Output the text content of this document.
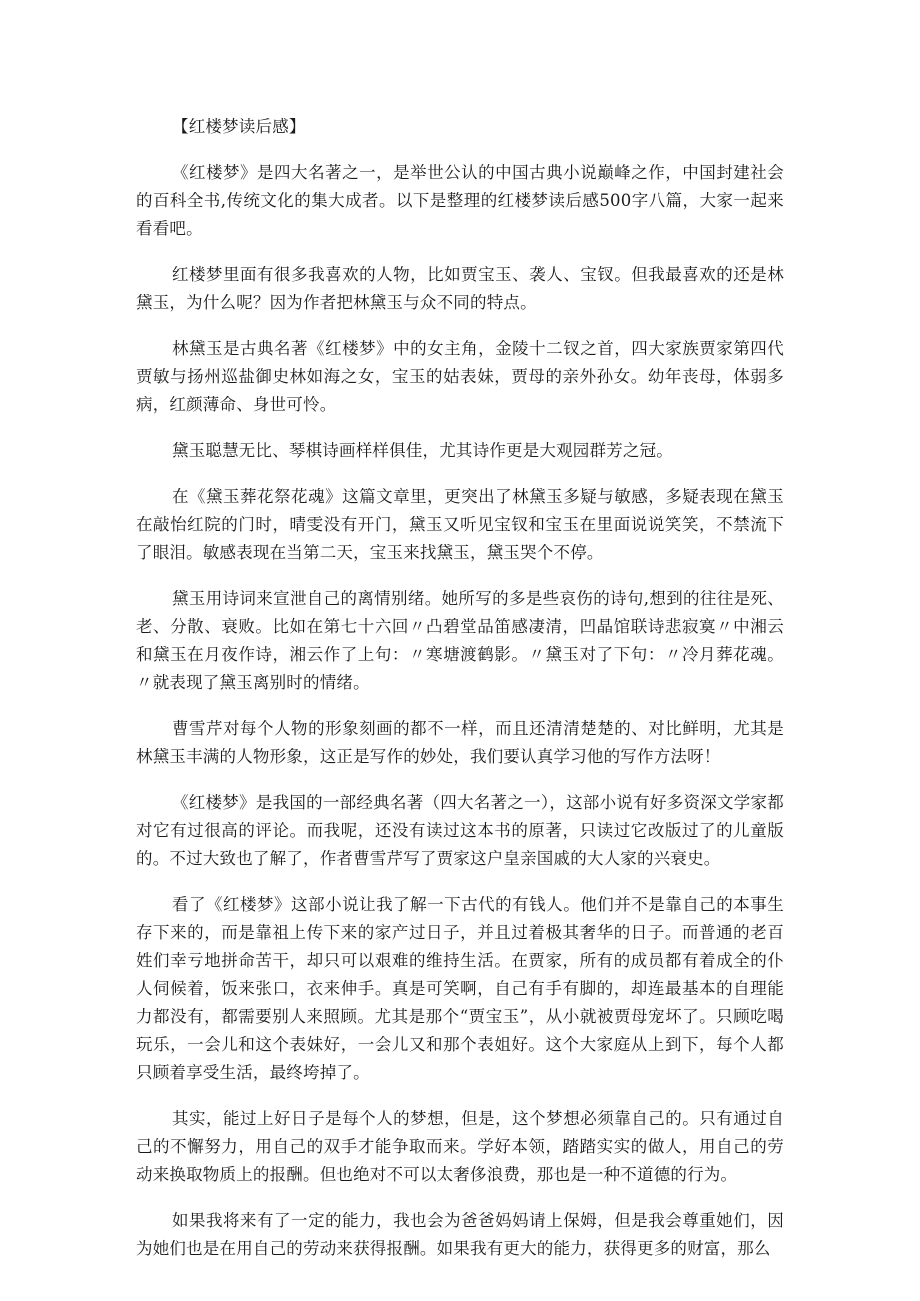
【红楼梦读后感】

《红楼梦》是四大名著之一，是举世公认的中国古典小说巅峰之作，中国封建社会的百科全书,传统文化的集大成者。以下是整理的红楼梦读后感500字八篇，大家一起来看看吧。

红楼梦里面有很多我喜欢的人物，比如贾宝玉、袭人、宝钗。但我最喜欢的还是林黛玉，为什么呢？因为作者把林黛玉与众不同的特点。

林黛玉是古典名著《红楼梦》中的女主角，金陵十二钗之首，四大家族贾家第四代贾敏与扬州巡盐御史林如海之女，宝玉的姑表妹，贾母的亲外孙女。幼年丧母，体弱多病，红颜薄命、身世可怜。

黛玉聪慧无比、琴棋诗画样样俱佳，尤其诗作更是大观园群芳之冠。

在《黛玉葬花祭花魂》这篇文章里，更突出了林黛玉多疑与敏感，多疑表现在黛玉在敲怡红院的门时，晴雯没有开门，黛玉又听见宝钗和宝玉在里面说说笑笑，不禁流下了眼泪。敏感表现在当第二天，宝玉来找黛玉，黛玉哭个不停。

黛玉用诗词来宣泄自己的离情别绪。她所写的多是些哀伤的诗句,想到的往往是死、老、分散、衰败。比如在第七十六回〃凸碧堂品笛感凄清，凹晶馆联诗悲寂寞〃中湘云和黛玉在月夜作诗，湘云作了上句：〃寒塘渡鹤影。〃黛玉对了下句：〃冷月葬花魂。〃就表现了黛玉离别时的情绪。

曹雪芹对每个人物的形象刻画的都不一样，而且还清清楚楚的、对比鲜明，尤其是林黛玉丰满的人物形象，这正是写作的妙处，我们要认真学习他的写作方法呀！

《红楼梦》是我国的一部经典名著（四大名著之一），这部小说有好多资深文学家都对它有过很高的评论。而我呢，还没有读过这本书的原著，只读过它改版过了的儿童版的。不过大致也了解了，作者曹雪芹写了贾家这户皇亲国戚的大人家的兴衰史。

看了《红楼梦》这部小说让我了解一下古代的有钱人。他们并不是靠自己的本事生存下来的，而是靠祖上传下来的家产过日子，并且过着极其奢华的日子。而普通的老百姓们幸亏地拼命苦干，却只可以艰难的维持生活。在贾家，所有的成员都有着成全的仆人伺候着，饭来张口，衣来伸手。真是可笑啊，自己有手有脚的，却连最基本的自理能力都没有，都需要别人来照顾。尤其是那个“贾宝玉”，从小就被贾母宠坏了。只顾吃喝玩乐，一会儿和这个表妹好，一会儿又和那个表姐好。这个大家庭从上到下，每个人都只顾着享受生活，最终垮掉了。

其实，能过上好日子是每个人的梦想，但是，这个梦想必须靠自己的。只有通过自己的不懈努力，用自己的双手才能争取而来。学好本领，踏踏实实的做人，用自己的劳动来换取物质上的报酬。但也绝对不可以太奢侈浪费，那也是一种不道德的行为。

如果我将来有了一定的能力，我也会为爸爸妈妈请上保姆，但是我会尊重她们，因为她们也是在用自己的劳动来获得报酬。如果我有更大的能力，获得更多的财富，那么
